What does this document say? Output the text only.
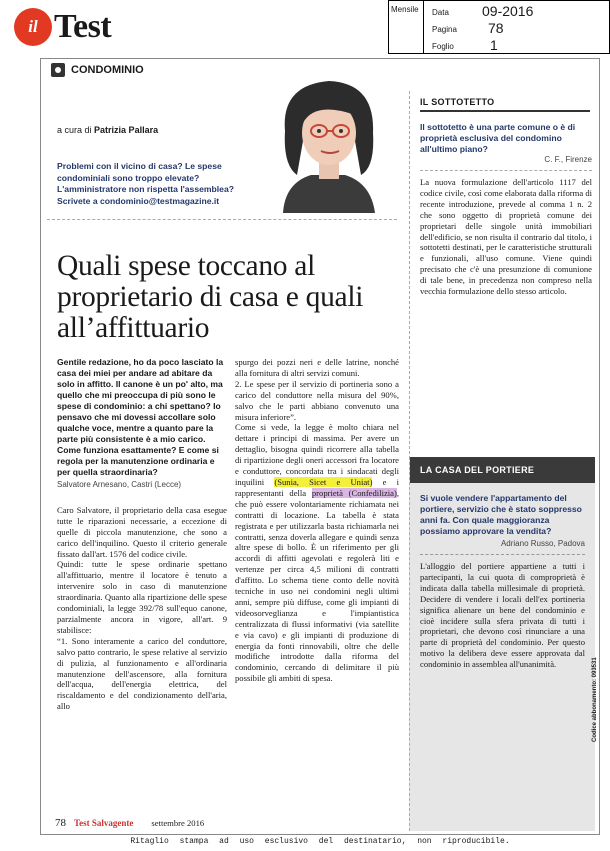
il Test	Mensile	Data 09-2016
Pagina 78
Foglio	1
CONDOMINIO
a cura di Patrizia Pallara
Problemi con il vicino di casa? Le spese condominiali sono troppo elevate? L'amministratore non rispetta l'assemblea? Scrivete a condominio@testmagazine.it
Quali spese toccano al proprietario di casa e quali all’affittuario
Gentile redazione, ho da poco lasciato la casa dei miei per andare ad abitare da solo in affitto. Il canone è un po' alto, ma quello che mi preoccupa di più sono le spese di condominio: a chi spettano? Io pensavo che mi dovessi accollare solo qualche voce, mentre a quanto pare la parte più consistente è a mio carico. Come funziona esattamente? E come si regola per la manutenzione ordinaria e per quella straordinaria?
Salvatore Arnesano, Castri (Lecce)

Caro Salvatore, il proprietario della casa esegue tutte le riparazioni necessarie, a eccezione di quelle di piccola manutenzione, che sono a carico dell'inquilino. Questo il criterio generale fissato dall'art. 1576 del codice civile.

Quindi: tutte le spese ordinarie spettano all'affittuario, mentre il locatore è tenuto a intervenire solo in caso di manutenzione straordinaria. Quanto alla ripartizione delle spese condominiali, la legge 392/78 sull'equo canone, parzialmente ancora in vigore, all'art. 9 stabilisce:

“1. Sono interamente a carico del conduttore, salvo patto contrario, le spese relative al servizio di pulizia, al funzionamento e all'ordinaria manutenzione dell'ascensore, alla fornitura dell'acqua, dell'energia elettrica, del riscaldamento e del condizionamento dell'aria, allo

spurgo dei pozzi neri e delle latrine, nonché alla fornitura di altri servizi comuni.

2. Le spese per il servizio di portineria sono a carico del conduttore nella misura del 90%, salvo che le parti abbiano convenuto una misura inferiore”.

Come si vede, la legge è molto chiara nel dettare i principi di massima. Per avere un dettaglio, bisogna quindi ricorrere alla tabella di ripartizione degli oneri accessori fra locatore e conduttore, concordata tra i sindacati degli inquilini (Sunia, Sicet e Uniat) e i rappresentanti della proprietà (Confedilizia), che può essere volontariamente richiamata nei contratti di locazione. La tabella è stata registrata e per utilizzarla basta richiamarla nei contratti, senza doverla allegare e quindi senza altre spese di bollo. È un riferimento per gli accordi di affitti agevolati e regolerà liti e vertenze per circa 4,5 milioni di contratti d'affitto. Lo schema tiene conto delle novità tecniche in uso nei condomini negli ultimi anni, sempre più diffuse, come gli impianti di videosorveglianza e l'impiantistica centralizzata di flussi informativi (via satellite e via cavo) e gli impianti di produzione di energia da fonti rinnovabili, oltre che delle modifiche introdotte dalla riforma del condominio, cercando di delimitare il più possibile gli ambiti di spesa.

78 Test Salvagente settembre 2016
IL SOTTOTETTO
Il sottotetto è una parte comune o è di proprietà esclusiva del condomino all'ultimo piano?
C. F., Firenze
La nuova formulazione dell'articolo 1117 del codice civile, così come elaborata dalla riforma di recente introduzione, prevede al comma 1 n. 2 che sono oggetto di proprietà comune dei proprietari delle singole unità immobiliari dell'edificio, se non risulta il contrario dal titolo, i sottotetti destinati, per le caratteristiche strutturali e funzionali, all'uso comune. Viene quindi precisato che c'è una presunzione di comunione di tale bene, in precedenza non compreso nella vecchia formulazione dello stesso articolo.
LA CASA DEL PORTIERE
Si vuole vendere l'appartamento del portiere, servizio che è stato soppresso anni fa. Con quale maggioranza possiamo approvare la vendita?
Adriano Russo, Padova
L'alloggio del portiere appartiene a tutti i partecipanti, la cui quota di comproprietà è indicata dalla tabella millesimale di proprietà. Decidere di vendere i locali dell'ex portineria significa alienare un bene del condominio e cioè incidere sulla sfera privata di tutti i proprietari, che devono così rinunciare a una parte di proprietà del condominio. Per questo motivo la delibera deve essere approvata dal condominio in assemblea all'unanimità.	Codice abbonamento: 093531
Ritaglio stampa ad uso esclusivo del destinatario, non riproducibile.
